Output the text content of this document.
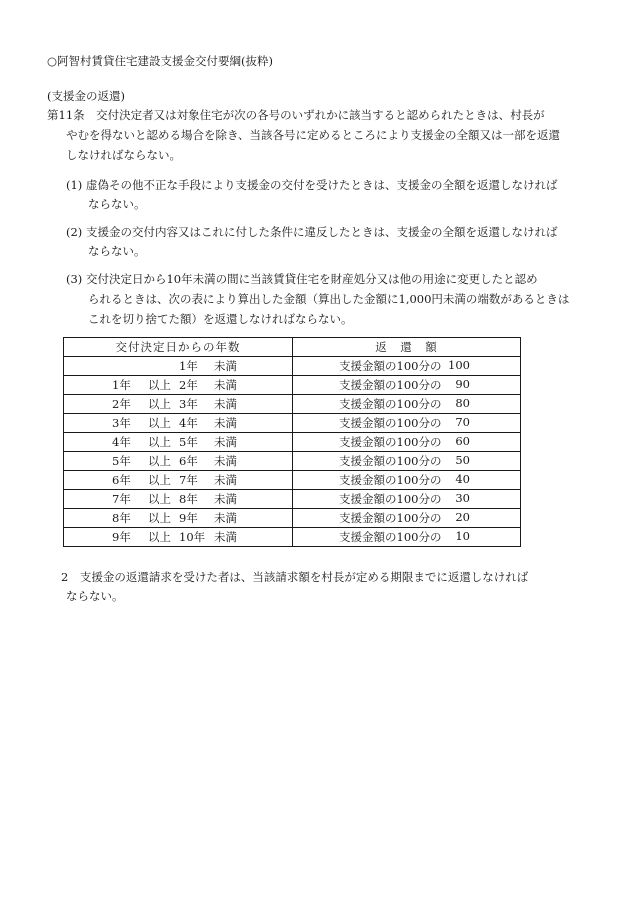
○阿智村賃貸住宅建設支援金交付要綱(抜粋)

(支援金の返還)

第11条　交付決定者又は対象住宅が次の各号のいずれかに該当すると認められたときは、村長が

やむを得ないと認める場合を除き、当該各号に定めるところにより支援金の全額又は一部を返還

しなければならない。

(1) 虚偽その他不正な手段により支援金の交付を受けたときは、支援金の全額を返還しなければ

ならない。

(2) 支援金の交付内容又はこれに付した条件に違反したときは、支援金の全額を返還しなければ

ならない。

(3) 交付決定日から10年未満の間に当該賃貸住宅を財産処分又は他の用途に変更したと認め

られるときは、次の表により算出した金額（算出した金額に1,000円未満の端数があるときは

これを切り捨てた額）を返還しなければならない。

交付決定日からの年数	返　還　額

1年 未満	支援金額の100分の 100

1年 以上 2年 未満	支援金額の100分の 90

2年 以上 3年 未満	支援金額の100分の 80

3年 以上 4年 未満	支援金額の100分の 70

4年 以上 5年 未満	支援金額の100分の 60

5年 以上 6年 未満	支援金額の100分の 50

6年 以上 7年 未満	支援金額の100分の 40

7年 以上 8年 未満	支援金額の100分の 30

8年 以上 9年 未満	支援金額の100分の 20

9年 以上 10年 未満	支援金額の100分の 10

2　支援金の返還請求を受けた者は、当該請求額を村長が定める期限までに返還しなければ

ならない。
